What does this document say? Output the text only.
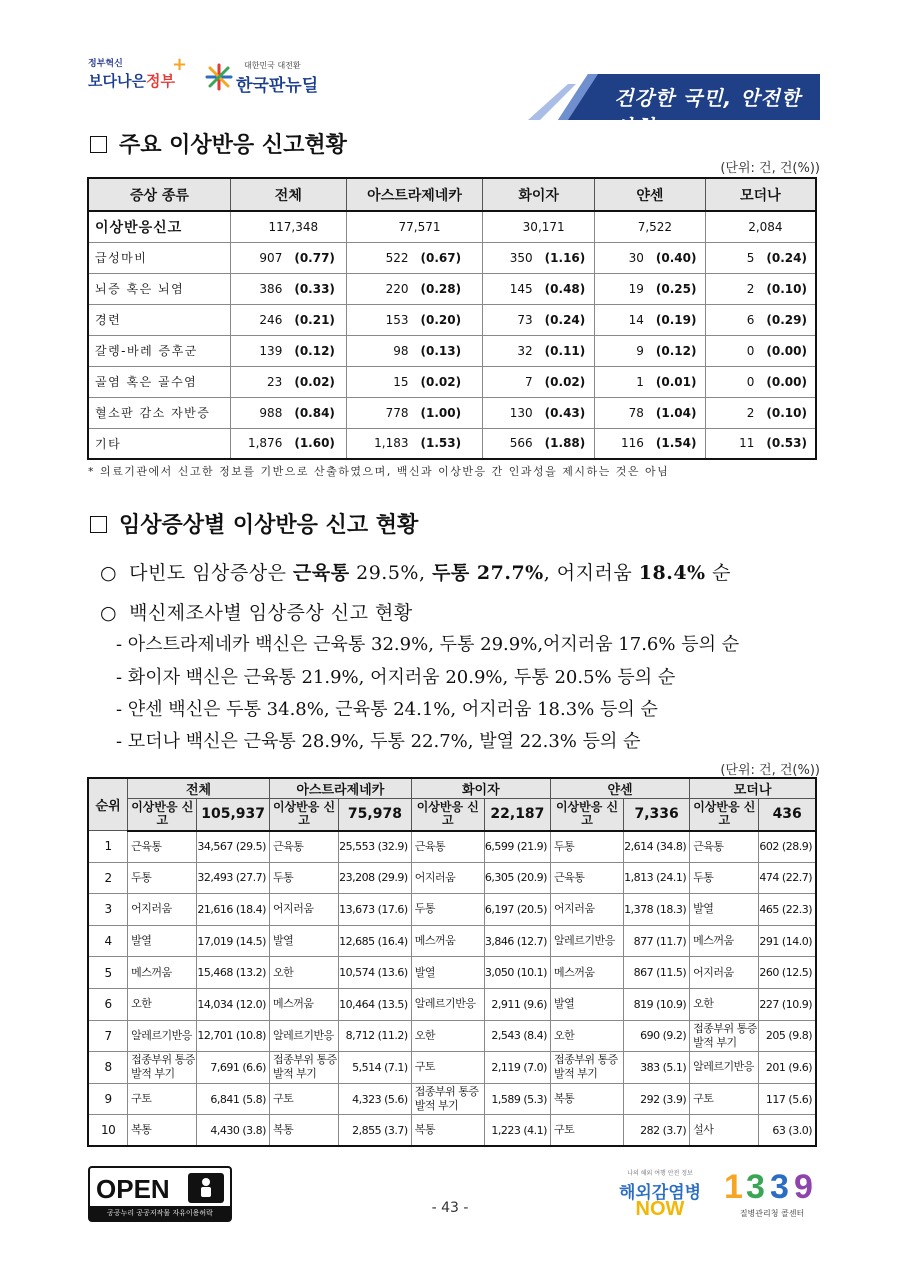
정부혁신
보다나은정부
+	대한민국 대전환
한국판뉴딜	건강한 국민, 안전한 사회
주요 이상반응 신고현황
(단위: 건, 건(%))
증상 종류	전체	아스트라제네카	화이자	얀센	모더나
이상반응신고	117,348	77,571	30,171	7,522	2,084
급성마비	907 (0.77)	522 (0.67)	350 (1.16)	30 (0.40)	5 (0.24)
뇌증 혹은 뇌염	386 (0.33)	220 (0.28)	145 (0.48)	19 (0.25)	2 (0.10)
경련	246 (0.21)	153 (0.20)	73 (0.24)	14 (0.19)	6 (0.29)
갈렝-바레 증후군	139 (0.12)	98 (0.13)	32 (0.11)	9 (0.12)	0 (0.00)
골염 혹은 골수염	23 (0.02)	15 (0.02)	7 (0.02)	1 (0.01)	0 (0.00)
혈소판 감소 자반증	988 (0.84)	778 (1.00)	130 (0.43)	78 (1.04)	2 (0.10)
기타	1,876 (1.60)	1,183 (1.53)	566 (1.88)	116 (1.54)	11 (0.53)
* 의료기관에서 신고한 정보를 기반으로 산출하였으며, 백신과 이상반응 간 인과성을 제시하는 것은 아님
임상증상별 이상반응 신고 현황
○ 다빈도 임상증상은 근육통 29.5%, 두통 27.7%, 어지러움 18.4% 순
○ 백신제조사별 임상증상 신고 현황
- 아스트라제네카 백신은 근육통 32.9%, 두통 29.9%,어지러움 17.6% 등의 순
- 화이자 백신은 근육통 21.9%, 어지러움 20.9%, 두통 20.5% 등의 순
- 얀센 백신은 두통 34.8%, 근육통 24.1%, 어지러움 18.3% 등의 순
- 모더나 백신은 근육통 28.9%, 두통 22.7%, 발열 22.3% 등의 순
(단위: 건, 건(%))
순위	전체		아스트라제네카		화이자		얀센		모더나	
	이상반응 신고	105,937	이상반응 신고	75,978	이상반응 신고	22,187	이상반응 신고	7,336	이상반응 신고	436
1	근육통	34,567 (29.5)	근육통	25,553 (32.9)	근육통	6,599 (21.9)	두통	2,614 (34.8)	근육통	602 (28.9)
2	두통	32,493 (27.7)	두통	23,208 (29.9)	어지러움	6,305 (20.9)	근육통	1,813 (24.1)	두통	474 (22.7)
3	어지러움	21,616 (18.4)	어지러움	13,673 (17.6)	두통	6,197 (20.5)	어지러움	1,378 (18.3)	발열	465 (22.3)
4	발열	17,019 (14.5)	발열	12,685 (16.4)	메스꺼움	3,846 (12.7)	알레르기반응	877 (11.7)	메스꺼움	291 (14.0)
5	메스꺼움	15,468 (13.2)	오한	10,574 (13.6)	발열	3,050 (10.1)	메스꺼움	867 (11.5)	어지러움	260 (12.5)
6	오한	14,034 (12.0)	메스꺼움	10,464 (13.5)	알레르기반응	2,911 (9.6)	발열	819 (10.9)	오한	227 (10.9)
7	알레르기반응	12,701 (10.8)	알레르기반응	8,712 (11.2)	오한	2,543 (8.4)	오한	690 (9.2)	접종부위 통증 발적 부기	205 (9.8)
8	접종부위 통증 발적 부기	7,691 (6.6)	접종부위 통증 발적 부기	5,514 (7.1)	구토	2,119 (7.0)	접종부위 통증 발적 부기	383 (5.1)	알레르기반응	201 (9.6)
9	구토	6,841 (5.8)	구토	4,323 (5.6)	접종부위 통증 발적 부기	1,589 (5.3)	복통	292 (3.9)	구토	117 (5.6)
10	복통	4,430 (3.8)	복통	2,855 (3.7)	복통	1,223 (4.1)	구토	282 (3.7)	설사	63 (3.0)
OPEN
공공누리 공공저작물 자유이용허락	- 43 -
나의 해외 여행 안전 정보
해외감염병
NOW
1 3 3 9
질병관리청 콜센터
